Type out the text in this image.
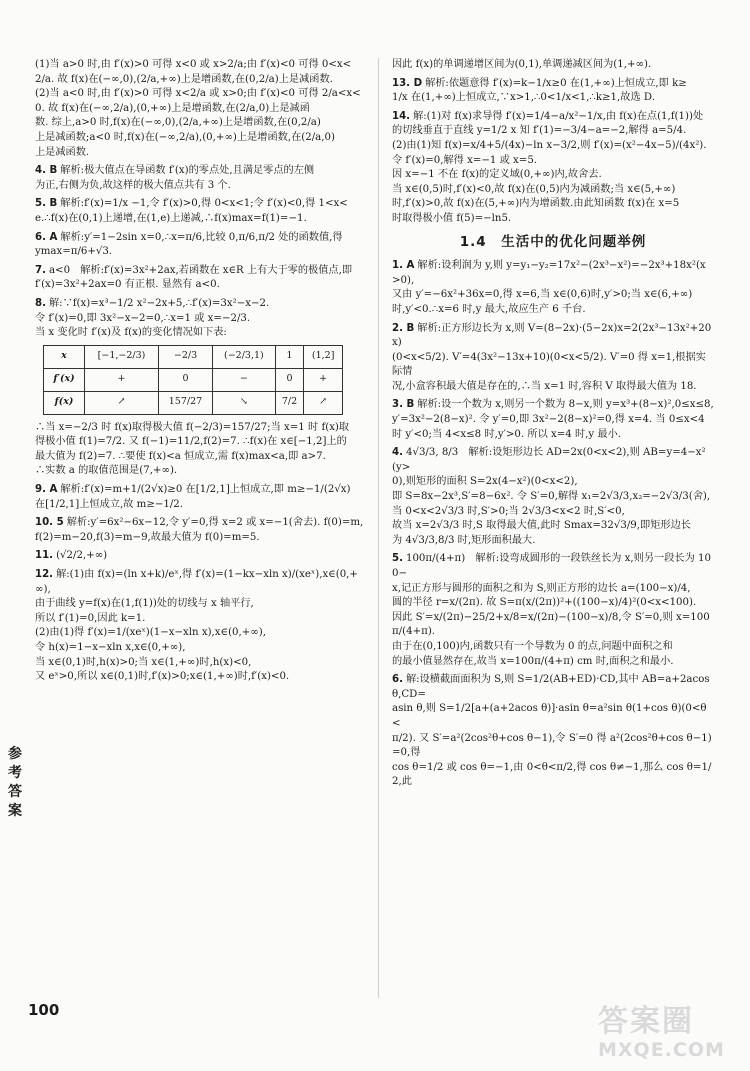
(1)当 a>0 时,由 f′(x)>0 可得 x<0 或 x>2/a;由 f′(x)<0 可得 0<x<
2/a. 故 f(x)在(−∞,0),(2/a,+∞)上是增函数,在(0,2/a)上是减函数.
(2)当 a<0 时,由 f′(x)>0 可得 x<2/a 或 x>0;由 f′(x)<0 可得 2/a<x<
0. 故 f(x)在(−∞,2/a),(0,+∞)上是增函数,在(2/a,0)上是减函
数. 综上,a>0 时,f(x)在(−∞,0),(2/a,+∞)上是增函数,在(0,2/a)
上是减函数;a<0 时,f(x)在(−∞,2/a),(0,+∞)上是增函数,在(2/a,0)
上是减函数.
4. B 解析:极大值点在导函数 f′(x)的零点处,且满足零点的左侧

为正,右侧为负,故这样的极大值点共有 3 个.
5. B 解析:f′(x)=1/x −1,令 f′(x)>0,得 0<x<1;令 f′(x)<0,得 1<x<

e.∴f(x)在(0,1)上递增,在(1,e)上递减,∴f(x)max=f(1)=−1.
6. A 解析:y′=1−2sin x=0,∴x=π/6,比较 0,π/6,π/2 处的函数值,得

ymax=π/6+√3.
7. a<0　解析:f′(x)=3x²+2ax,若函数在 x∈R 上有大于零的极值点,即

f′(x)=3x²+2ax=0 有正根. 显然有 a<0.
8. 解:∵f(x)=x³−1/2 x²−2x+5,∴f′(x)=3x²−x−2.

令 f′(x)=0,即 3x²−x−2=0,∴x=1 或 x=−2/3.
当 x 变化时 f′(x)及 f(x)的变化情况如下表:
x	[−1,−2/3)	−2/3	(−2/3,1)	1	(1,2]
f′(x)	+	0	−	0	+
f(x)	↗	157/27	↘	7/2	↗
∴当 x=−2/3 时 f(x)取得极大值 f(−2/3)=157/27;当 x=1 时 f(x)取
得极小值 f(1)=7/2. 又 f(−1)=11/2,f(2)=7. ∴f(x)在 x∈[−1,2]上的
最大值为 f(2)=7. ∴要使 f(x)<a 恒成立,需 f(x)max<a,即 a>7.
∴实数 a 的取值范围是(7,+∞).
9. A 解析:f′(x)=m+1/(2√x)≥0 在[1/2,1]上恒成立,即 m≥−1/(2√x)

在[1/2,1]上恒成立,故 m≥−1/2.
10. 5 解析:y′=6x²−6x−12,令 y′=0,得 x=2 或 x=−1(舍去). f(0)=m,

f(2)=m−20,f(3)=m−9,故最大值为 f(0)=m=5.
11. (√2/2,+∞)

12. 解:(1)由 f(x)=(ln x+k)/eˣ,得 f′(x)=(1−kx−xln x)/(xeˣ),x∈(0,+∞),

由于曲线 y=f(x)在(1,f(1))处的切线与 x 轴平行,
所以 f′(1)=0,因此 k=1.
(2)由(1)得 f′(x)=1/(xeˣ)(1−x−xln x),x∈(0,+∞),
令 h(x)=1−x−xln x,x∈(0,+∞),
当 x∈(0,1)时,h(x)>0;当 x∈(1,+∞)时,h(x)<0,
又 eˣ>0,所以 x∈(0,1)时,f′(x)>0;x∈(1,+∞)时,f′(x)<0.
因此 f(x)的单调递增区间为(0,1),单调递减区间为(1,+∞).
13. D 解析:依题意得 f′(x)=k−1/x≥0 在(1,+∞)上恒成立,即 k≥

1/x 在(1,+∞)上恒成立,∵x>1,∴0<1/x<1,∴k≥1,故选 D.
14. 解:(1)对 f(x)求导得 f′(x)=1/4−a/x²−1/x,由 f(x)在点(1,f(1))处

的切线垂直于直线 y=1/2 x 知 f′(1)=−3/4−a=−2,解得 a=5/4.
(2)由(1)知 f(x)=x/4+5/(4x)−ln x−3/2,则 f′(x)=(x²−4x−5)/(4x²).
令 f′(x)=0,解得 x=−1 或 x=5.
因 x=−1 不在 f(x)的定义域(0,+∞)内,故舍去.
当 x∈(0,5)时,f′(x)<0,故 f(x)在(0,5)内为减函数;当 x∈(5,+∞)
时,f′(x)>0,故 f(x)在(5,+∞)内为增函数.由此知函数 f(x)在 x=5
时取得极小值 f(5)=−ln5.
1.4　生活中的优化问题举例
1. A 解析:设利润为 y,则 y=y₁−y₂=17x²−(2x³−x²)=−2x³+18x²(x>0),

又由 y′=−6x²+36x=0,得 x=6,当 x∈(0,6)时,y′>0;当 x∈(6,+∞)
时,y′<0.∴x=6 时,y 最大,故应生产 6 千台.
2. B 解析:正方形边长为 x,则 V=(8−2x)·(5−2x)x=2(2x³−13x²+20x)

(0<x<5/2). V′=4(3x²−13x+10)(0<x<5/2). V′=0 得 x=1,根据实际情
况,小盒容积最大值是存在的,∴当 x=1 时,容积 V 取得最大值为 18.
3. B 解析:设一个数为 x,则另一个数为 8−x,则 y=x³+(8−x)²,0≤x≤8,

y′=3x²−2(8−x)². 令 y′=0,即 3x²−2(8−x)²=0,得 x=4. 当 0≤x<4
时 y′<0;当 4<x≤8 时,y′>0. 所以 x=4 时,y 最小.
4. 4√3/3, 8/3　解析:设矩形边长 AD=2x(0<x<2),则 AB=y=4−x²(y>

0),则矩形的面积 S=2x(4−x²)(0<x<2),
即 S=8x−2x³,S′=8−6x². 令 S′=0,解得 x₁=2√3/3,x₂=−2√3/3(舍),
当 0<x<2√3/3 时,S′>0;当 2√3/3<x<2 时,S′<0,
故当 x=2√3/3 时,S 取得最大值,此时 Smax=32√3/9,即矩形边长
为 4√3/3,8/3 时,矩形面积最大.
5. 100π/(4+π)　解析:设弯成圆形的一段铁丝长为 x,则另一段长为 100−

x,记正方形与圆形的面积之和为 S,则正方形的边长 a=(100−x)/4,
圆的半径 r=x/(2π). 故 S=π(x/(2π))²+((100−x)/4)²(0<x<100).
因此 S′=x/(2π)−25/2+x/8=x/(2π)−(100−x)/8,令 S′=0,则 x=100π/(4+π).
由于在(0,100)内,函数只有一个导数为 0 的点,问题中面积之和
的最小值显然存在,故当 x=100π/(4+π) cm 时,面积之和最小.
6. 解:设横截面面积为 S,则 S=1/2(AB+ED)·CD,其中 AB=a+2acos θ,CD=

asin θ,则 S=1/2[a+(a+2acos θ)]·asin θ=a²sin θ(1+cos θ)(0<θ<
π/2). 又 S′=a²(2cos²θ+cos θ−1),令 S′=0 得 a²(2cos²θ+cos θ−1)=0,得
cos θ=1/2 或 cos θ=−1,由 0<θ<π/2,得 cos θ≠−1,那么 cos θ=1/2,此
参考答案
100	答案圈
MXQE.COM
